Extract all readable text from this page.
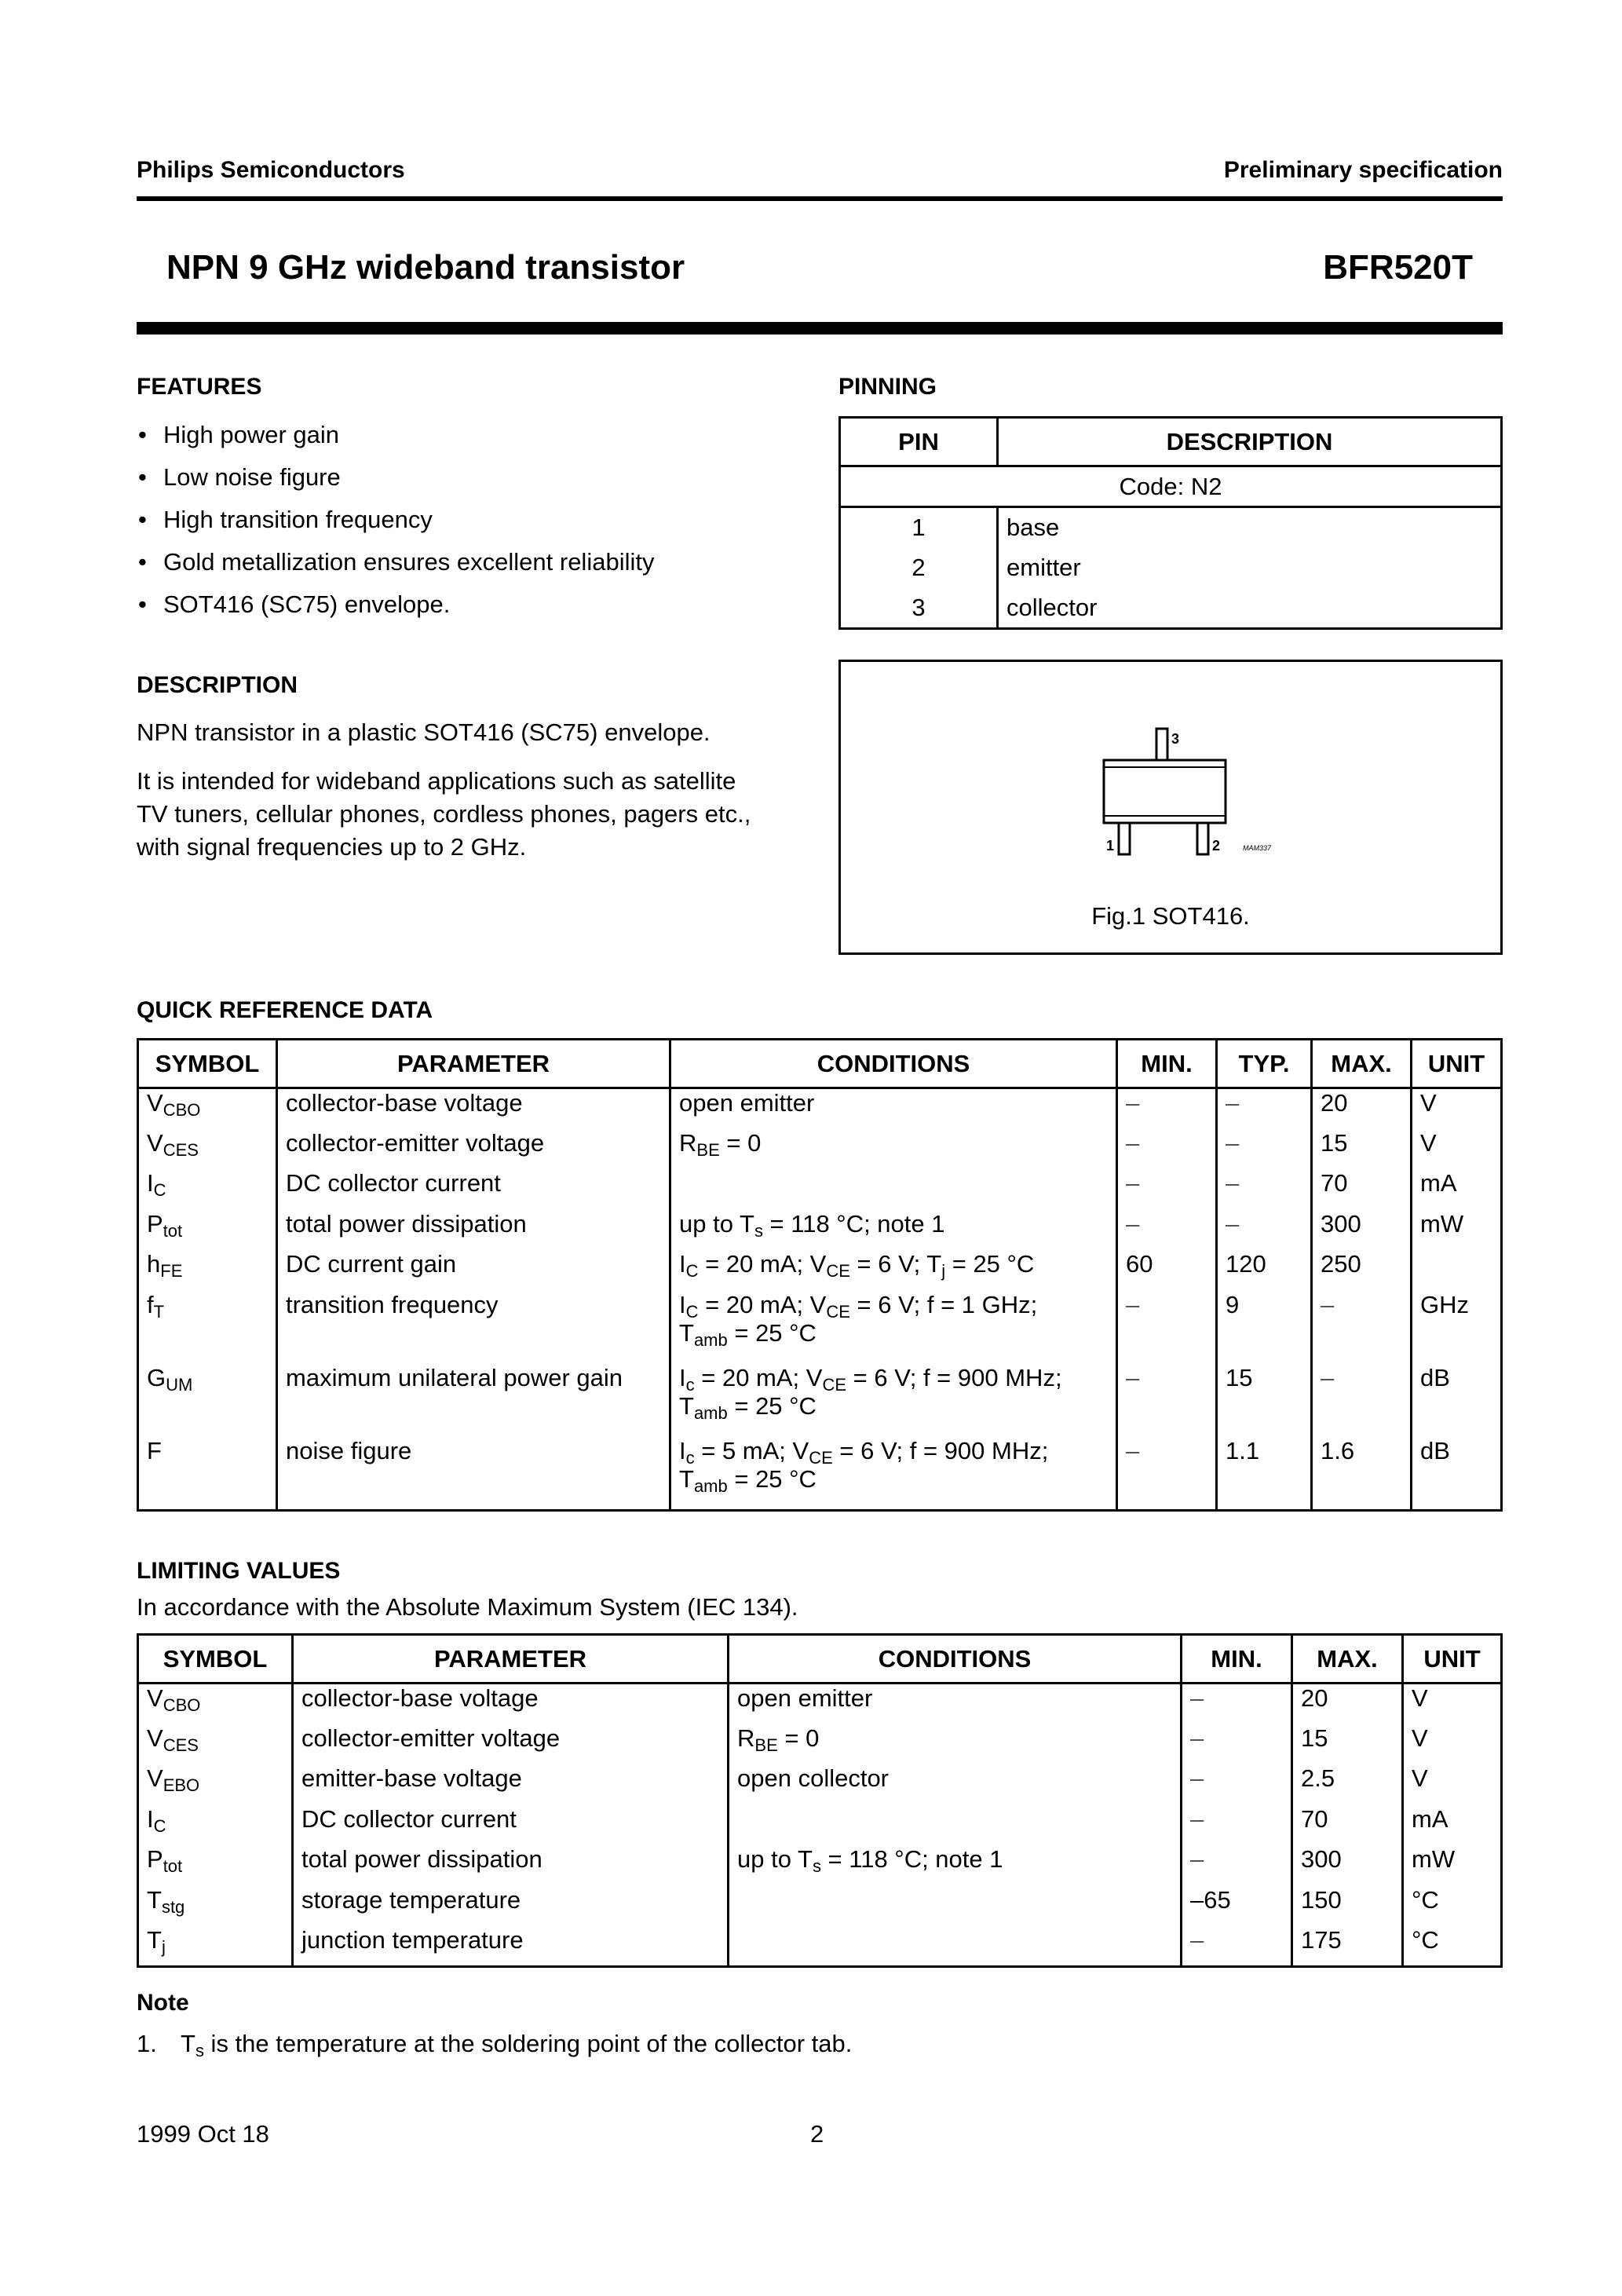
Philips Semiconductors	Preliminary specification
NPN 9 GHz wideband transistor	BFR520T
FEATURES
• High power gain
• Low noise figure
• High transition frequency
• Gold metallization ensures excellent reliability
• SOT416 (SC75) envelope.
DESCRIPTION
NPN transistor in a plastic SOT416 (SC75) envelope.
It is intended for wideband applications such as satellite
TV tuners, cellular phones, cordless phones, pagers etc.,
with signal frequencies up to 2 GHz.
PINNING
PIN	DESCRIPTION
Code: N2	
1	base
2	emitter
3	collector
3
1	2	MAM337
Fig.1 SOT416.
QUICK REFERENCE DATA
SYMBOL	PARAMETER	CONDITIONS	MIN.	TYP.	MAX.	UNIT
$V_{CBO}$	collector-base voltage	open emitter	–	–	20	V
$V_{CES}$	collector-emitter voltage	$R_{BE} = 0$	–	–	15	V
$I_C$	DC collector current		–	–	70	mA
$P_{tot}$	total power dissipation	up to $T_s = 118$ °C; note 1	–	–	300	mW
$h_{FE}$	DC current gain	$I_C = 20$ mA; $V_{CE} = 6$ V; $T_j = 25$ °C	60	120	250	
$f_T$	transition frequency	$I_C = 20$ mA; $V_{CE} = 6$ V; f = 1 GHz;
$T_{amb} = 25$ °C	–	9	–	GHz
$G_{UM}$	maximum unilateral power gain	$I_c = 20$ mA; $V_{CE} = 6$ V; f = 900 MHz;
$T_{amb} = 25$ °C	–	15	–	dB
F	noise figure	$I_c = 5$ mA; $V_{CE} = 6$ V; f = 900 MHz;
$T_{amb} = 25$ °C	–	1.1	1.6	dB
LIMITING VALUES
In accordance with the Absolute Maximum System (IEC 134).
SYMBOL	PARAMETER	CONDITIONS	MIN.	MAX.	UNIT
$V_{CBO}$	collector-base voltage	open emitter	–	20	V
$V_{CES}$	collector-emitter voltage	$R_{BE} = 0$	–	15	V
$V_{EBO}$	emitter-base voltage	open collector	–	2.5	V
$I_C$	DC collector current		–	70	mA
$P_{tot}$	total power dissipation	up to $T_s = 118$ °C; note 1	–	300	mW
$T_{stg}$	storage temperature		–65	150	°C
$T_j$	junction temperature		–	175	°C
Note
1. $T_s$ is the temperature at the soldering point of the collector tab.
1999 Oct 18	2
